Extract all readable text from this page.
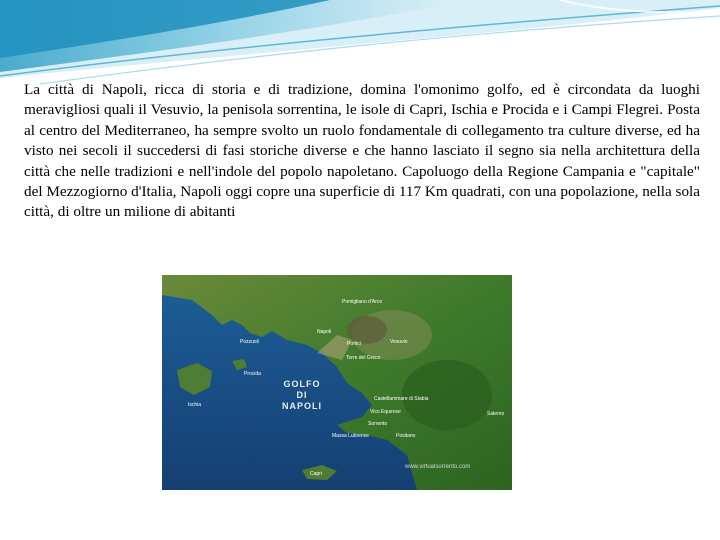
La città di Napoli, ricca di storia e di tradizione, domina l'omonimo golfo, ed è circondata da luoghi meravigliosi quali il Vesuvio, la penisola sorrentina, le isole di Capri, Ischia e Procida e i Campi Flegrei. Posta al centro del Mediterraneo, ha sempre svolto un ruolo fondamentale di collegamento tra culture diverse, ed ha visto nei secoli il succedersi di fasi storiche diverse e che hanno lasciato il segno sia nella architettura della città che nelle tradizioni e nell'indole del popolo napoletano. Capoluogo della Regione Campania e "capitale" del Mezzogiorno d'Italia, Napoli oggi copre una superficie di 117 Km quadrati, con una popolazione, nella sola città, di oltre un milione di abitanti

Pomigliano d'Arco
Pozzuoli
Napoli
Vesuvio
Portici
Torre del Greco
Procida
Ischia
Castellammare di Stabia
Vico Equense	Salerno
Sorrento
Massa Lubrense	Positano
Capri
GOLFO
DI
NAPOLI
www.virtualsorrento.com
